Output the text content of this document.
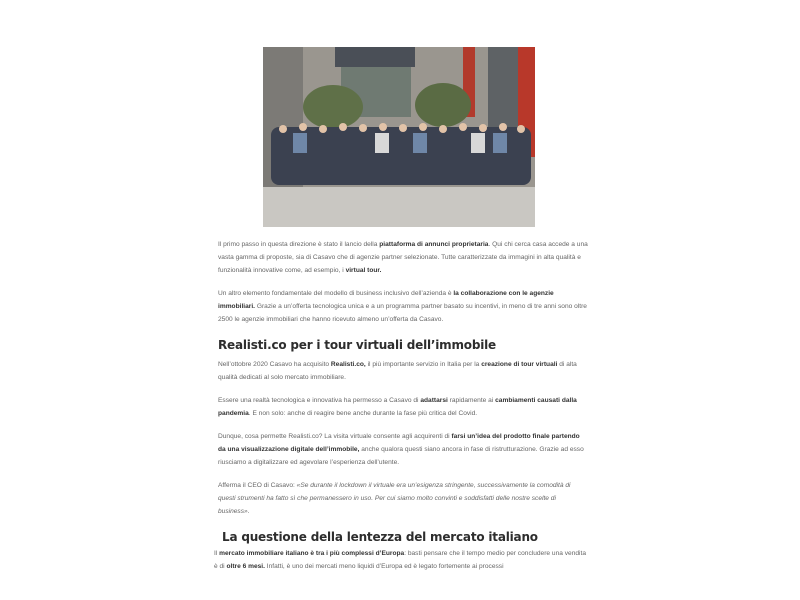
Il primo passo in questa direzione è stato il lancio della piattaforma di annunci proprietaria. Qui chi cerca casa accede a una vasta gamma di proposte, sia di Casavo che di agenzie partner selezionate. Tutte caratterizzate da immagini in alta qualità e funzionalità innovative come, ad esempio, i virtual tour.

Un altro elemento fondamentale del modello di business inclusivo dell’azienda è la collaborazione con le agenzie immobiliari. Grazie a un’offerta tecnologica unica e a un programma partner basato su incentivi, in meno di tre anni sono oltre 2500 le agenzie immobiliari che hanno ricevuto almeno un’offerta da Casavo.

Realisti.co per i tour virtuali dell’immobile

Nell’ottobre 2020 Casavo ha acquisito Realisti.co, il più importante servizio in Italia per la creazione di tour virtuali di alta qualità dedicati al solo mercato immobiliare.

Essere una realtà tecnologica e innovativa ha permesso a Casavo di adattarsi rapidamente ai cambiamenti causati dalla pandemia. E non solo: anche di reagire bene anche durante la fase più critica del Covid.

Dunque, cosa permette Realisti.co? La visita virtuale consente agli acquirenti di farsi un’idea del prodotto finale partendo da una visualizzazione digitale dell’immobile, anche qualora questi siano ancora in fase di ristrutturazione. Grazie ad esso riusciamo a digitalizzare ed agevolare l’esperienza dell’utente.

Afferma il CEO di Casavo: «Se durante il lockdown il virtuale era un’esigenza stringente, successivamente la comodità di questi strumenti ha fatto sì che permanessero in uso. Per cui siamo molto convinti e soddisfatti delle nostre scelte di business».

La questione della lentezza del mercato italiano

Il mercato immobiliare italiano è tra i più complessi d’Europa: basti pensare che il tempo medio per concludere una vendita è di oltre 6 mesi. Infatti, è uno dei mercati meno liquidi d’Europa ed è legato fortemente ai processi
